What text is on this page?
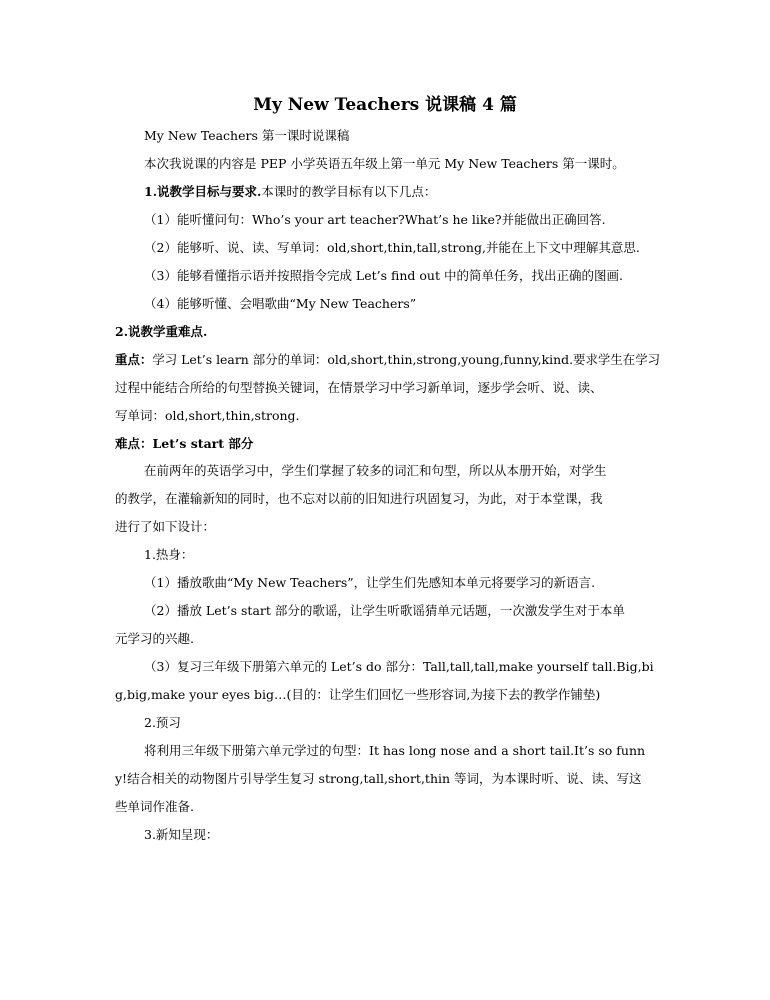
My New Teachers 说课稿 4 篇
My New Teachers 第一课时说课稿
本次我说课的内容是 PEP 小学英语五年级上第一单元 My New Teachers 第一课时。
1.说教学目标与要求.本课时的教学目标有以下几点：
（1）能听懂问句：Who’s your art teacher?What’s he like?并能做出正确回答.
（2）能够听、说、读、写单词：old,short,thin,tall,strong,并能在上下文中理解其意思.
（3）能够看懂指示语并按照指令完成 Let’s find out 中的简单任务，找出正确的图画.
（4）能够听懂、会唱歌曲“My New Teachers”
2.说教学重难点.
重点：学习 Let’s learn 部分的单词：old,short,thin,strong,young,funny,kind.要求学生在学习
过程中能结合所给的句型替换关键词，在情景学习中学习新单词，逐步学会听、说、读、
写单词：old,short,thin,strong.
难点：Let’s start 部分
在前两年的英语学习中，学生们掌握了较多的词汇和句型，所以从本册开始，对学生
的教学，在灌输新知的同时，也不忘对以前的旧知进行巩固复习，为此，对于本堂课，我
进行了如下设计：
1.热身：
（1）播放歌曲“My New Teachers”，让学生们先感知本单元将要学习的新语言.
（2）播放 Let’s start 部分的歌谣，让学生听歌谣猜单元话题，一次激发学生对于本单
元学习的兴趣.
（3）复习三年级下册第六单元的 Let’s do 部分：Tall,tall,tall,make yourself tall.Big,bi
g,big,make your eyes big…(目的：让学生们回忆一些形容词,为接下去的教学作铺垫)
2.预习
将利用三年级下册第六单元学过的句型：It has long nose and a short tail.It’s so funn
y!结合相关的动物图片引导学生复习 strong,tall,short,thin 等词，为本课时听、说、读、写这
些单词作准备.
3.新知呈现：
